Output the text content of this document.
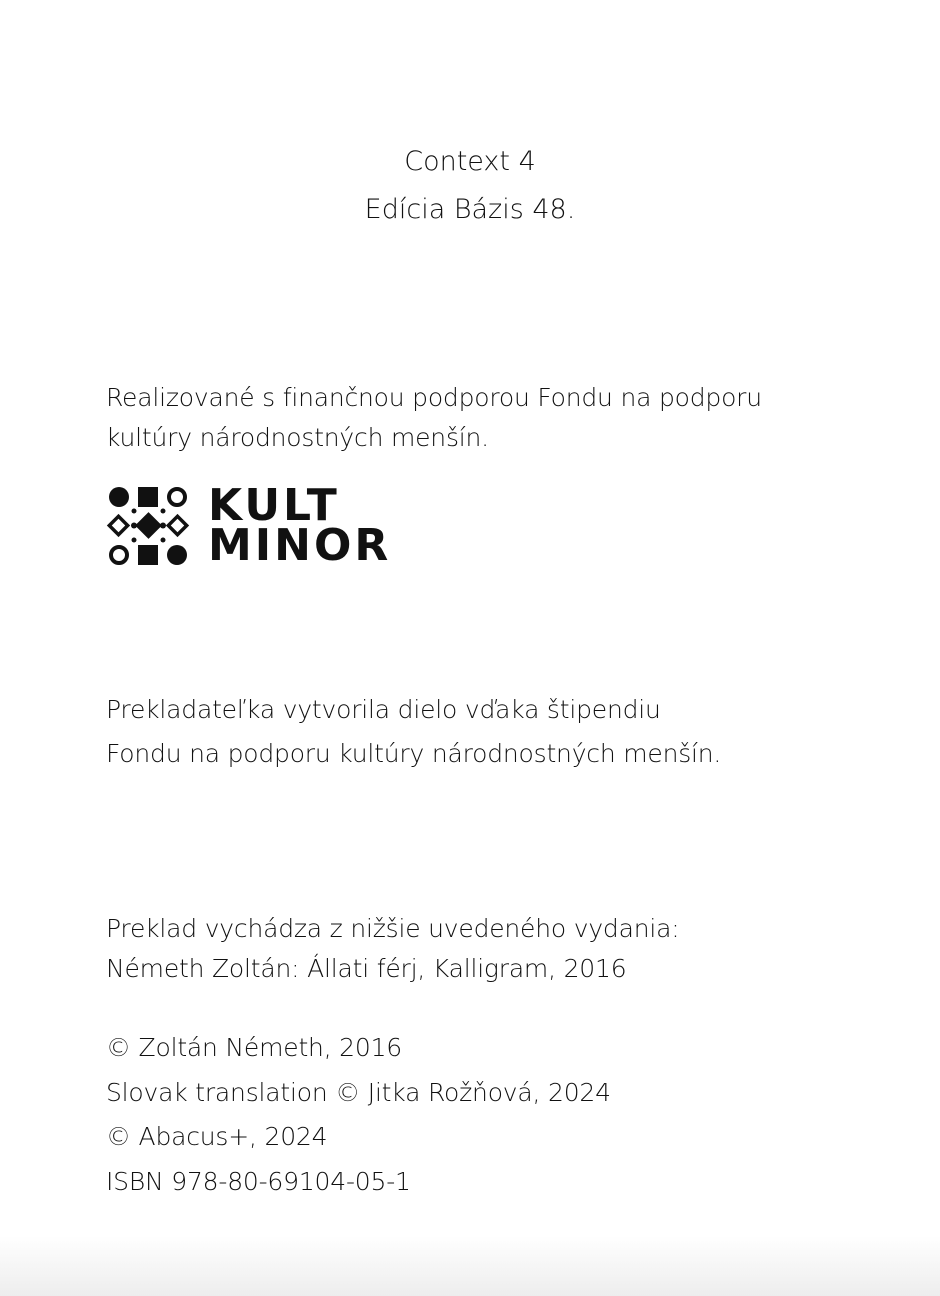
Context 4
Edícia Bázis 48.
Realizované s finančnou podporou Fondu na podporu
kultúry národnostných menšín.
KULT
MINOR
Prekladateľka vytvorila dielo vďaka štipendiu
Fondu na podporu kultúry národnostných menšín.
Preklad vychádza z nižšie uvedeného vydania:
Németh Zoltán: Állati férj, Kalligram, 2016
© Zoltán Németh, 2016
Slovak translation © Jitka Rožňová, 2024
© Abacus+, 2024
ISBN 978-80-69104-05-1
